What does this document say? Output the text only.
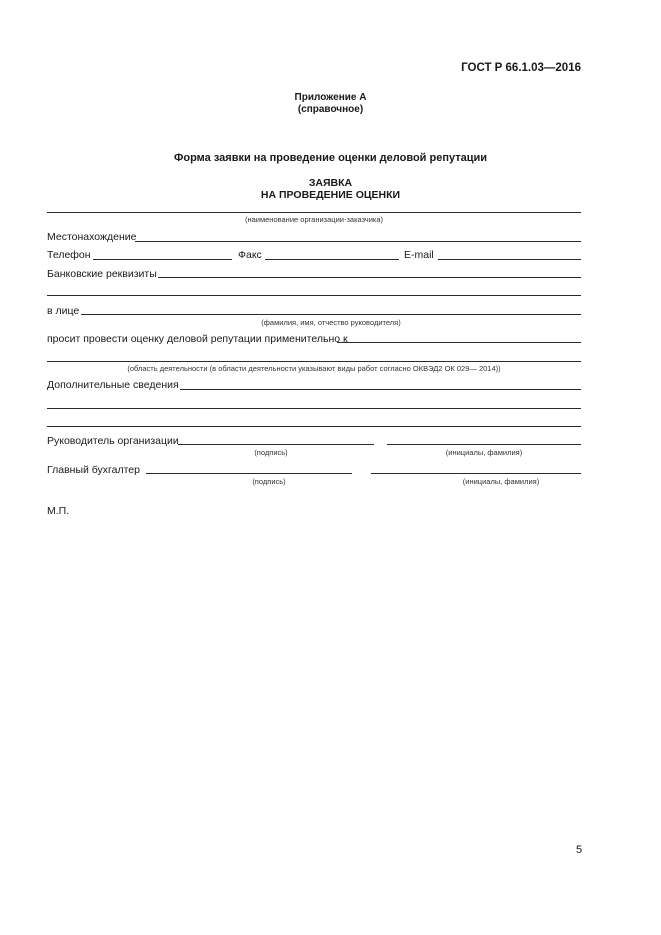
ГОСТ Р 66.1.03—2016
Приложение А
(справочное)
Форма заявки на проведение оценки деловой репутации
ЗАЯВКА
НА ПРОВЕДЕНИЕ ОЦЕНКИ
(наименование организации-заказчика)
Местонахождение
Телефон	Факс	E-mail
Банковские реквизиты
в лице
(фамилия, имя, отчество руководителя)
просит провести оценку деловой репутации применительно к
(область деятельности (в области деятельности указывают виды работ согласно ОКВЭД2 ОК 029— 2014))
Дополнительные сведения
Руководитель организации
(подпись)	(инициалы, фамилия)
Главный бухгалтер
(подпись)	(инициалы, фамилия)
М.П.
5
